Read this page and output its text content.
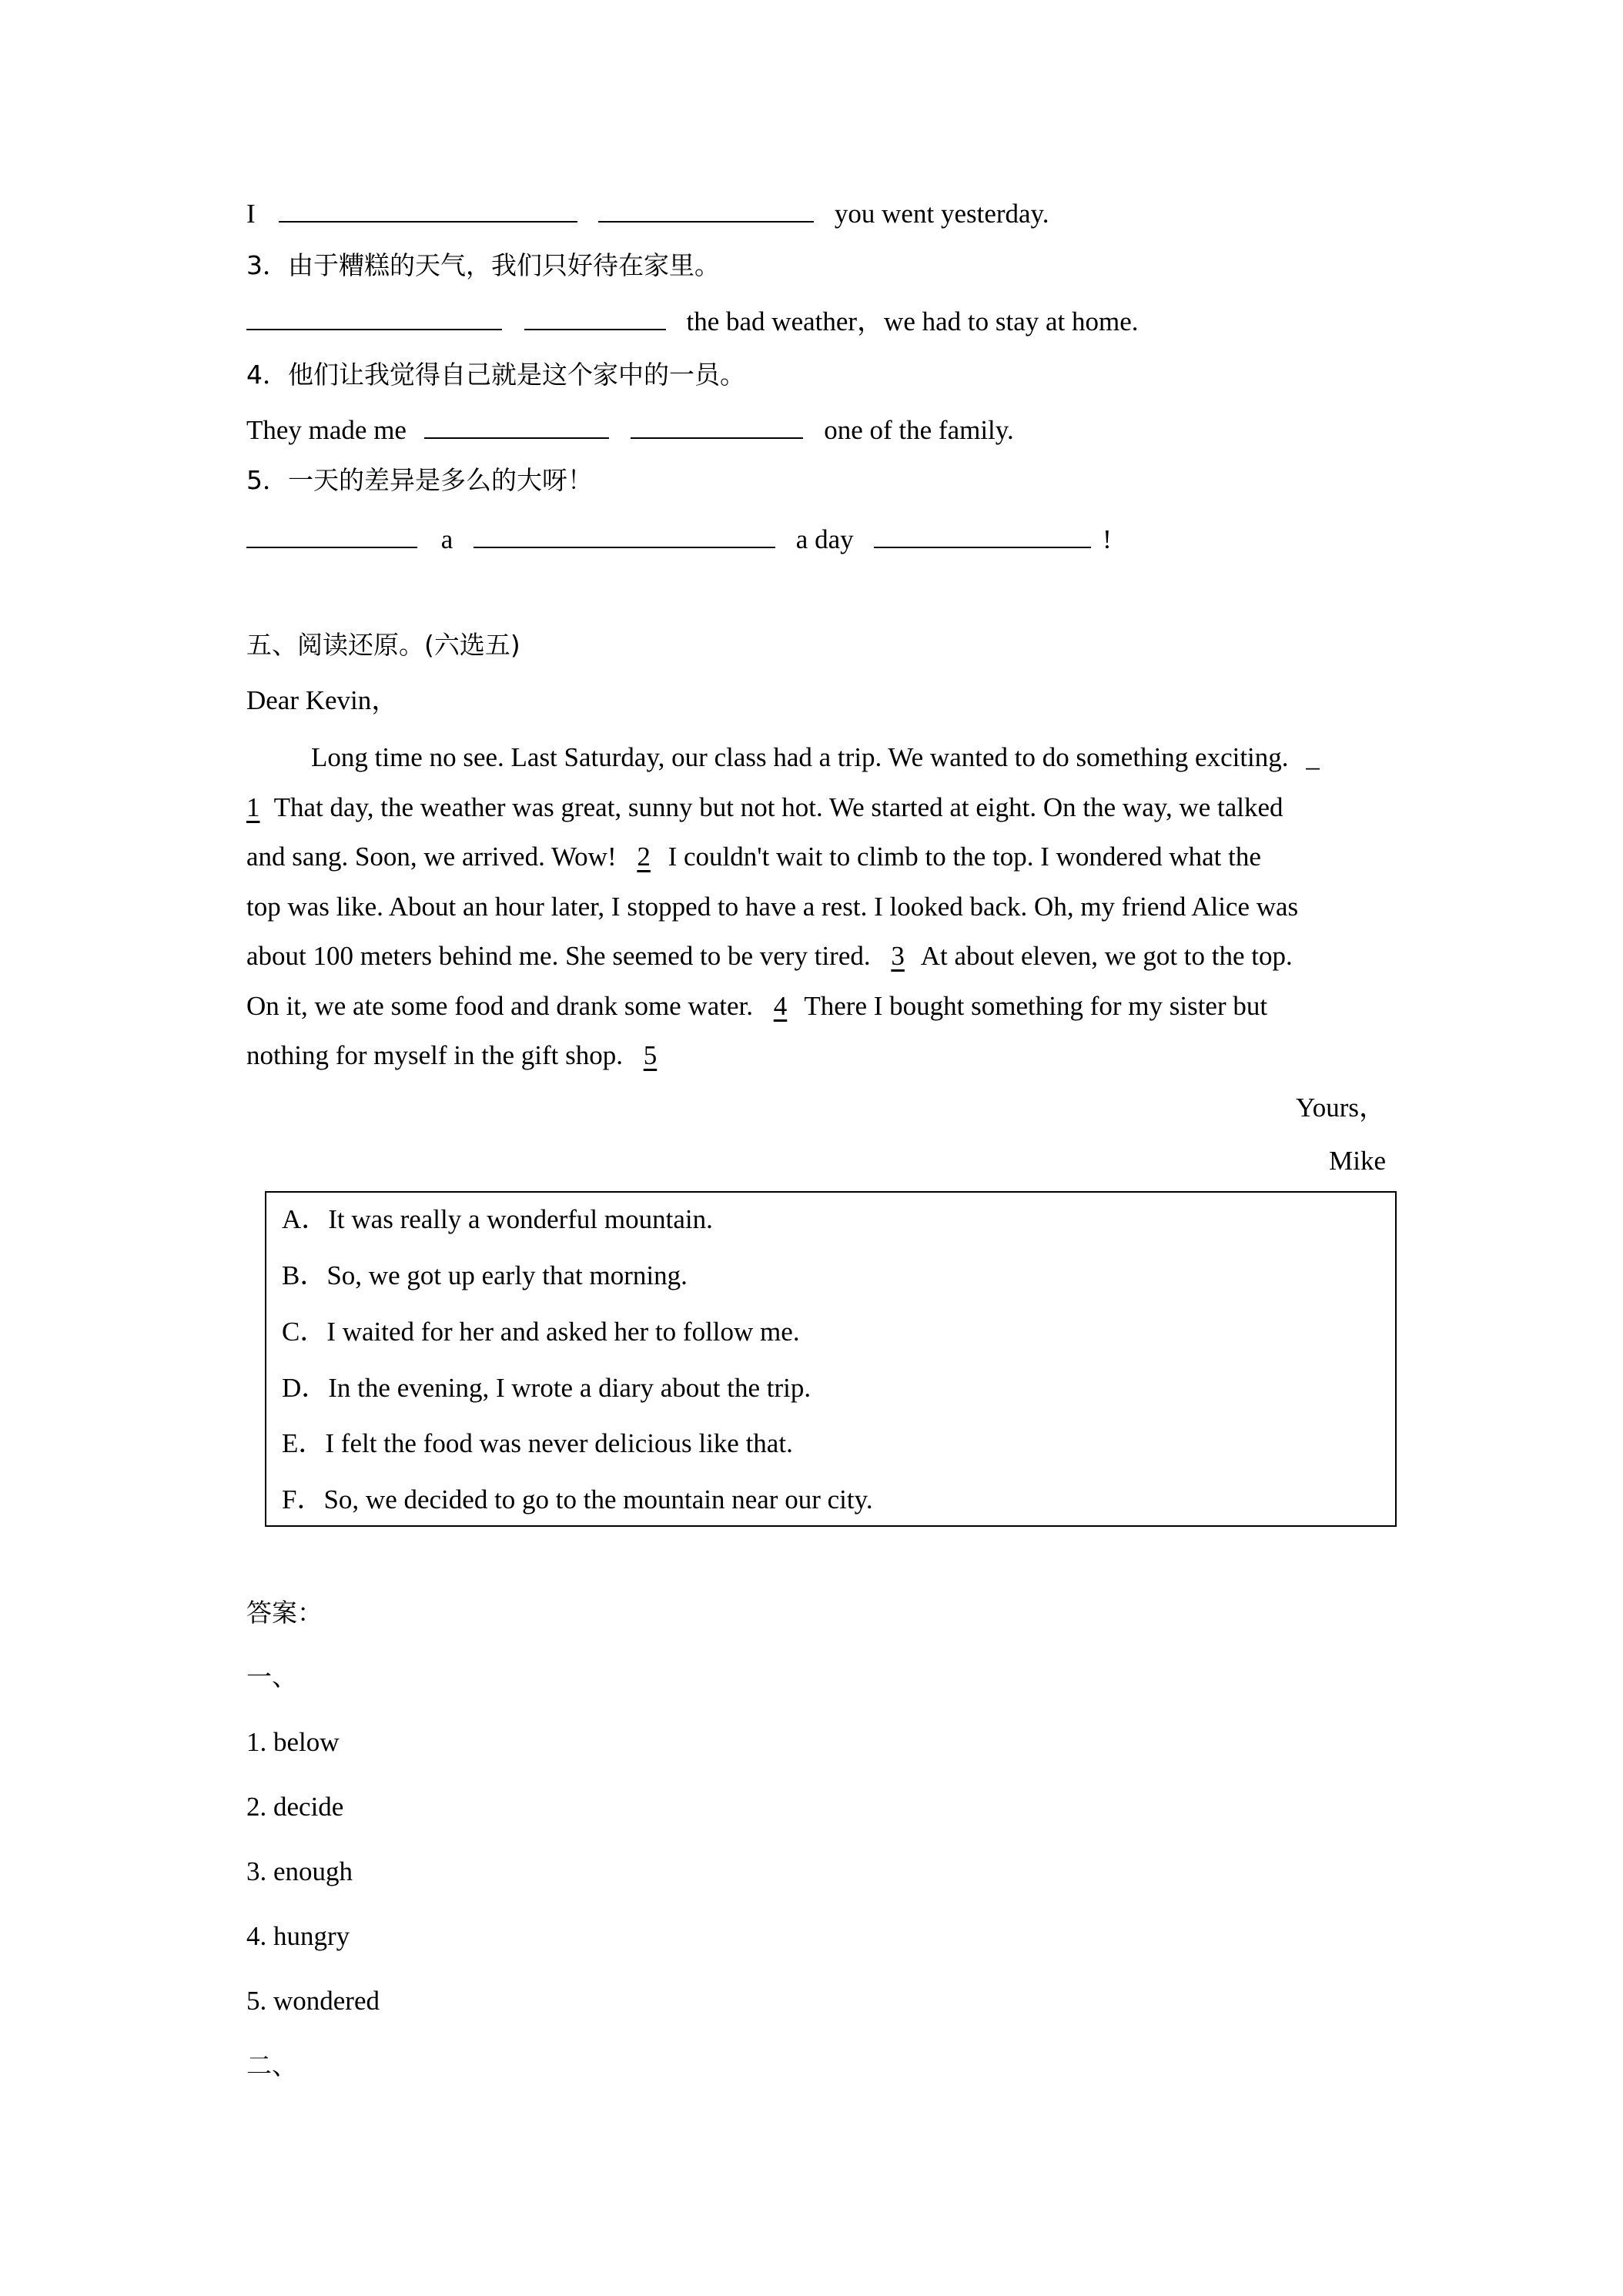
I	you went yesterday.
3．由于糟糕的天气，我们只好待在家里。
the bad weather，we had to stay at home.
4．他们让我觉得自己就是这个家中的一员。
They made me	one of the family.
5．一天的差异是多么的大呀！
a	a day	!
五、阅读还原。(六选五)
Dear Kevin，
Long time no see. Last Saturday, our class had a trip. We wanted to do something exciting. _
1 That day, the weather was great, sunny but not hot. We started at eight. On the way, we talked
and sang. Soon, we arrived. Wow! 2 I couldn't wait to climb to the top. I wondered what the
top was like. About an hour later, I stopped to have a rest. I looked back. Oh, my friend Alice was
about 100 meters behind me. She seemed to be very tired. 3 At about eleven, we got to the top.
On it, we ate some food and drank some water. 4 There I bought something for my sister but
nothing for myself in the gift shop. 5
Yours，
Mike
A．It was really a wonderful mountain.
B．So, we got up early that morning.
C．I waited for her and asked her to follow me.
D．In the evening, I wrote a diary about the trip.
E．I felt the food was never delicious like that.
F．So, we decided to go to the mountain near our city.
答案：
一、
1. below
2. decide
3. enough
4. hungry
5. wondered
二、
